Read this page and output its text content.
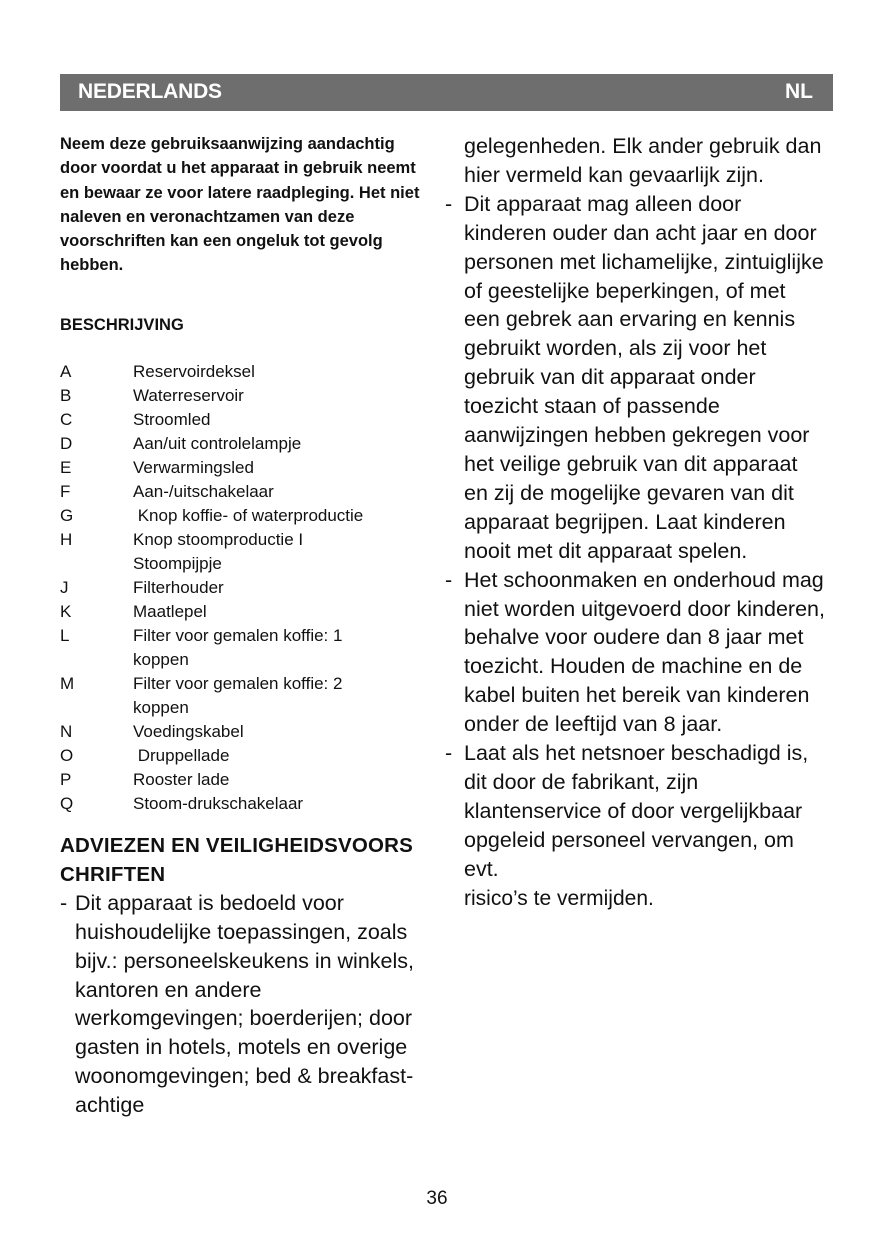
NEDERLANDS	NL

Neem deze gebruiksaanwijzing aandachtig door voordat u het apparaat in gebruik neemt en bewaar ze voor latere raadpleging. Het niet naleven en veronachtzamen van deze voorschriften kan een ongeluk tot gevolg hebben.

BESCHRIJVING
A	Reservoirdeksel
B	Waterreservoir
C	Stroomled
D	Aan/uit controlelampje
E	Verwarmingsled
F	Aan-/uitschakelaar
G	Knop koffie- of waterproductie
H	Knop stoomproductie I Stoompijpje
J	Filterhouder
K	Maatlepel
L	Filter voor gemalen koffie: 1 koppen
M	Filter voor gemalen koffie: 2 koppen
N	Voedingskabel
O	Druppellade
P	Rooster lade
Q	Stoom-drukschakelaar
ADVIEZEN EN VEILIGHEIDSVOORSCHRIFTEN

- Dit apparaat is bedoeld voor huishoudelijke toepassingen, zoals bijv.: personeelskeukens in winkels, kantoren en andere werkomgevingen; boerderijen; door gasten in hotels, motels en overige woonomgevingen; bed & breakfast-achtige

gelegenheden. Elk ander gebruik dan hier vermeld kan gevaarlijk zijn.

- Dit apparaat mag alleen door kinderen ouder dan acht jaar en door personen met lichamelijke, zintuiglijke of geestelijke beperkingen, of met een gebrek aan ervaring en kennis gebruikt worden, als zij voor het gebruik van dit apparaat onder toezicht staan of passende aanwijzingen hebben gekregen voor het veilige gebruik van dit apparaat en zij de mogelijke gevaren van dit apparaat begrijpen. Laat kinderen nooit met dit apparaat spelen.

- Het schoonmaken en onderhoud mag niet worden uitgevoerd door kinderen, behalve voor oudere dan 8 jaar met toezicht. Houden de machine en de kabel buiten het bereik van kinderen onder de leeftijd van 8 jaar.

- Laat als het netsnoer beschadigd is, dit door de fabrikant, zijn klantenservice of door vergelijkbaar opgeleid personeel vervangen, om evt.
risico’s te vermijden.

36
